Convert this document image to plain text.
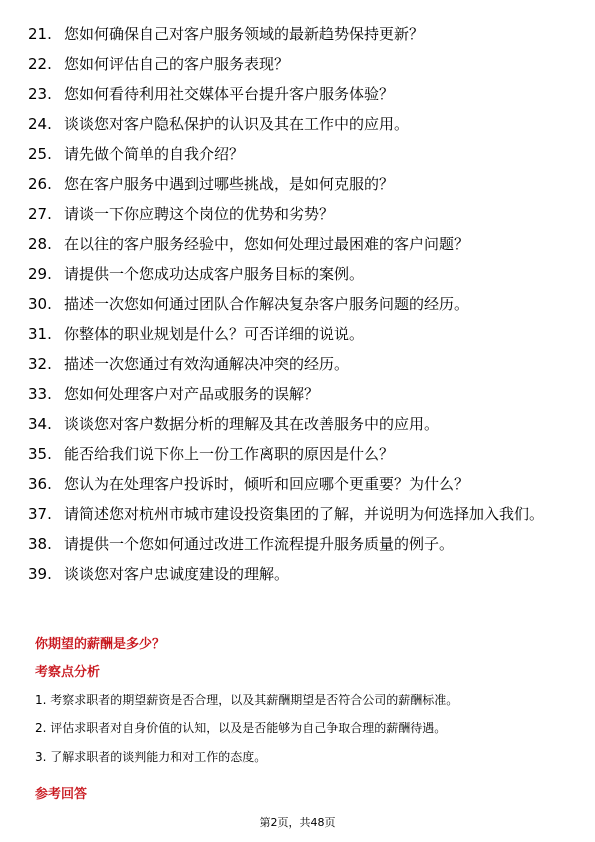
21. 您如何确保自己对客户服务领域的最新趋势保持更新？
22. 您如何评估自己的客户服务表现？
23. 您如何看待利用社交媒体平台提升客户服务体验？
24. 谈谈您对客户隐私保护的认识及其在工作中的应用。
25. 请先做个简单的自我介绍？
26. 您在客户服务中遇到过哪些挑战，是如何克服的？
27. 请谈一下你应聘这个岗位的优势和劣势？
28. 在以往的客户服务经验中，您如何处理过最困难的客户问题？
29. 请提供一个您成功达成客户服务目标的案例。
30. 描述一次您如何通过团队合作解决复杂客户服务问题的经历。
31. 你整体的职业规划是什么？可否详细的说说。
32. 描述一次您通过有效沟通解决冲突的经历。
33. 您如何处理客户对产品或服务的误解？
34. 谈谈您对客户数据分析的理解及其在改善服务中的应用。
35. 能否给我们说下你上一份工作离职的原因是什么？
36. 您认为在处理客户投诉时，倾听和回应哪个更重要？为什么？
37. 请简述您对杭州市城市建设投资集团的了解，并说明为何选择加入我们。
38. 请提供一个您如何通过改进工作流程提升服务质量的例子。
39. 谈谈您对客户忠诚度建设的理解。
你期望的薪酬是多少？
考察点分析
1. 考察求职者的期望薪资是否合理，以及其薪酬期望是否符合公司的薪酬标准。
2. 评估求职者对自身价值的认知，以及是否能够为自己争取合理的薪酬待遇。
3. 了解求职者的谈判能力和对工作的态度。
参考回答
第2页，共48页
